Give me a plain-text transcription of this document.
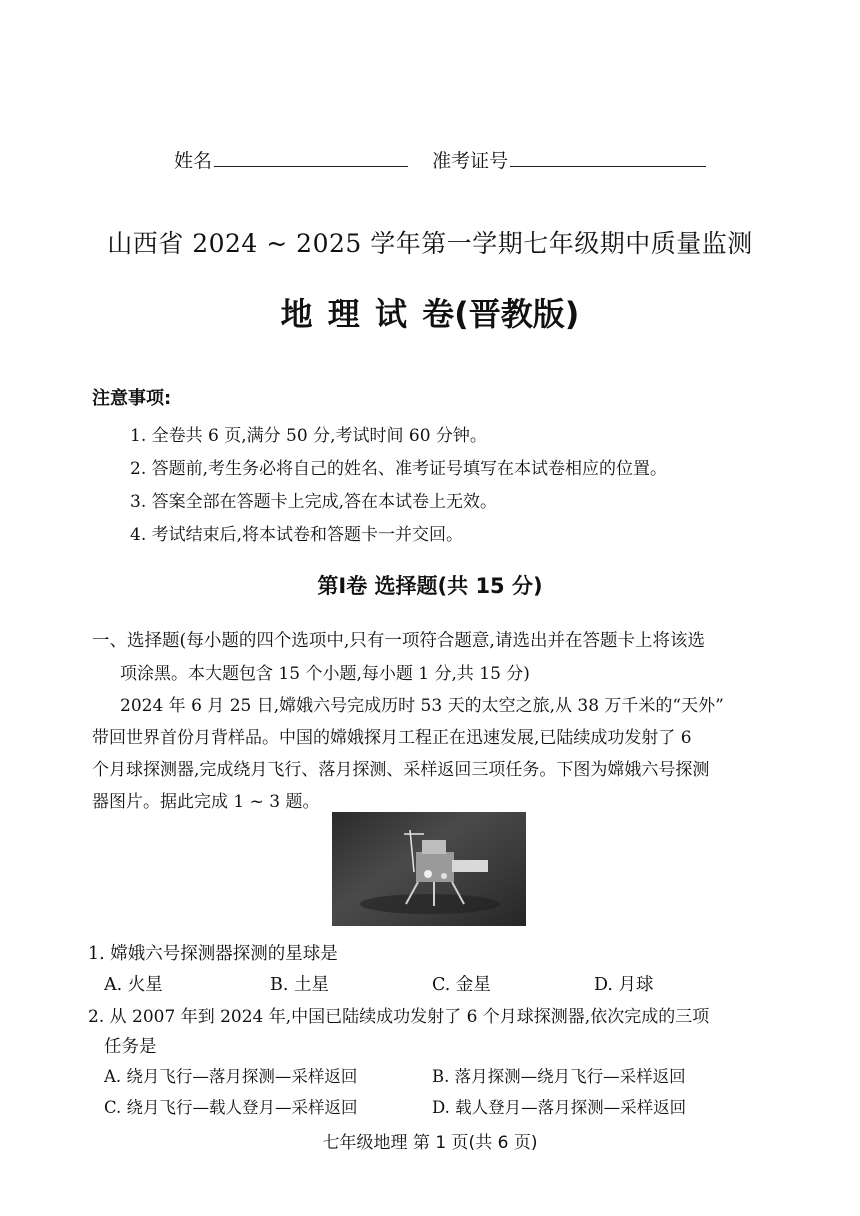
姓名	准考证号
山西省 2024 ~ 2025 学年第一学期七年级期中质量监测
地 理 试 卷(晋教版)
注意事项:
1. 全卷共 6 页,满分 50 分,考试时间 60 分钟。
2. 答题前,考生务必将自己的姓名、准考证号填写在本试卷相应的位置。
3. 答案全部在答题卡上完成,答在本试卷上无效。
4. 考试结束后,将本试卷和答题卡一并交回。
第Ⅰ卷 选择题(共 15 分)
一、选择题(每小题的四个选项中,只有一项符合题意,请选出并在答题卡上将该选
项涂黑。本大题包含 15 个小题,每小题 1 分,共 15 分)
2024 年 6 月 25 日,嫦娥六号完成历时 53 天的太空之旅,从 38 万千米的“天外”
带回世界首份月背样品。中国的嫦娥探月工程正在迅速发展,已陆续成功发射了 6
个月球探测器,完成绕月飞行、落月探测、采样返回三项任务。下图为嫦娥六号探测
器图片。据此完成 1 ~ 3 题。
1. 嫦娥六号探测器探测的星球是
A. 火星	B. 土星	C. 金星	D. 月球
2. 从 2007 年到 2024 年,中国已陆续成功发射了 6 个月球探测器,依次完成的三项
任务是
A. 绕月飞行—落月探测—采样返回	B. 落月探测—绕月飞行—采样返回
C. 绕月飞行—载人登月—采样返回	D. 载人登月—落月探测—采样返回
七年级地理 第 1 页(共 6 页)
